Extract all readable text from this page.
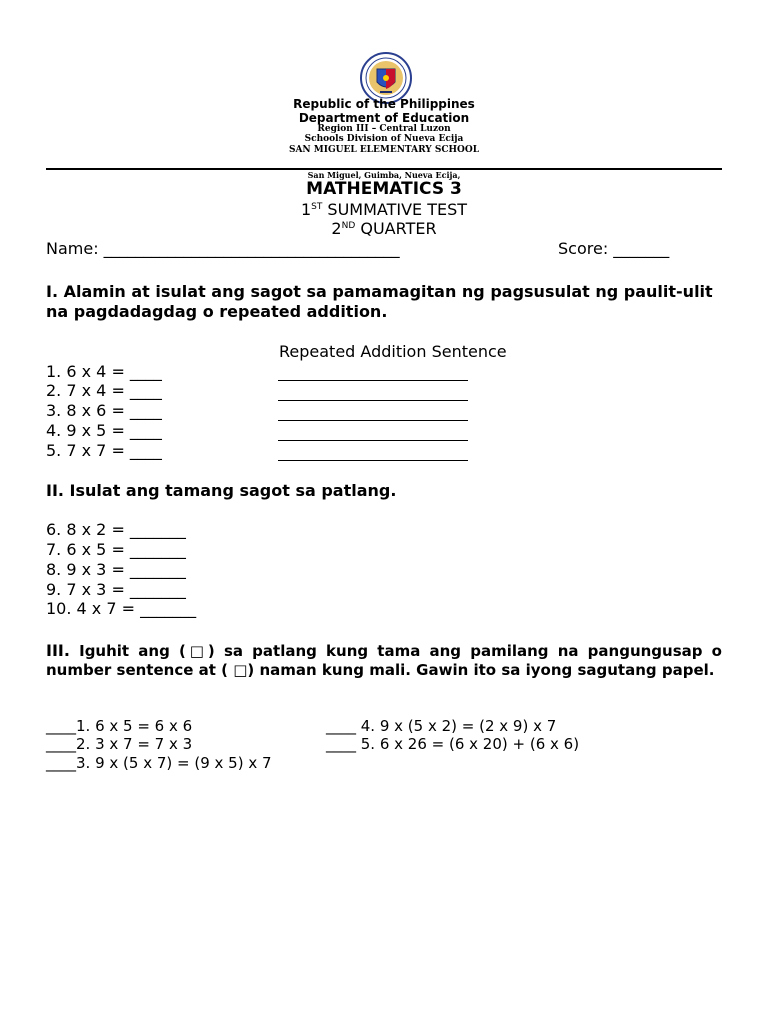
Republic of the Philippines
Department of Education
Region III – Central Luzon
Schools Division of Nueva Ecija
SAN MIGUEL ELEMENTARY SCHOOL
San Miguel, Guimba, Nueva Ecija,
MATHEMATICS 3
1ST SUMMATIVE TEST
2ND QUARTER
Name: _____________________________________	Score: _______
I. Alamin at isulat ang sagot sa pamamagitan ng pagsusulat ng paulit-ulit na pagdadagdag o repeated addition.
Repeated Addition Sentence
1. 6 x 4 = ____
2. 7 x 4 = ____
3. 8 x 6 = ____
4. 9 x 5 = ____
5. 7 x 7 = ____
II. Isulat ang tamang sagot sa patlang.
6. 8 x 2 = _______
7. 6 x 5 = _______
8. 9 x 3 = _______
9. 7 x 3 = _______
10. 4 x 7 = _______
III. Iguhit ang (□) sa patlang kung tama ang pamilang na pangungusap o number sentence at ( □) naman kung mali. Gawin ito sa iyong sagutang papel.
____1. 6 x 5 = 6 x 6
____2. 3 x 7 = 7 x 3
____3. 9 x (5 x 7) = (9 x 5) x 7
____ 4. 9 x (5 x 2) = (2 x 9) x 7
____ 5. 6 x 26 = (6 x 20) + (6 x 6)
